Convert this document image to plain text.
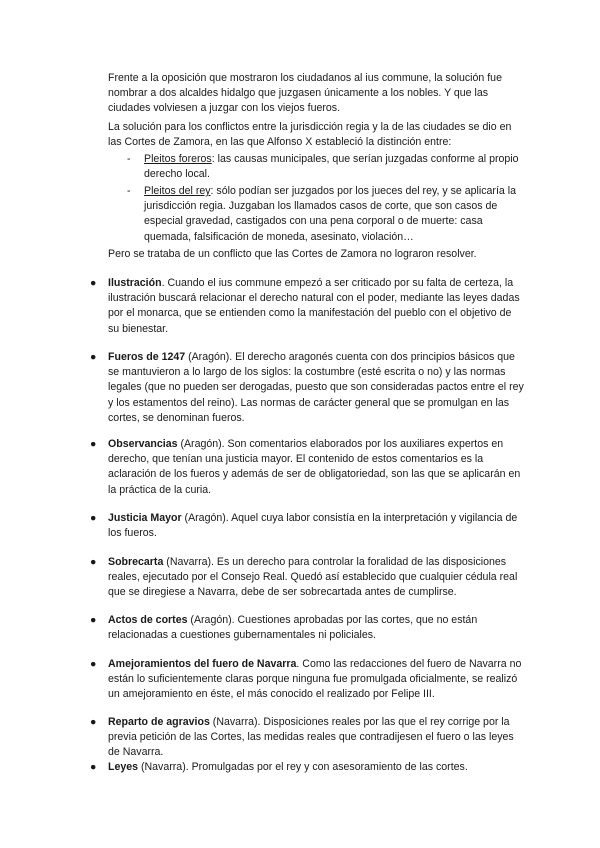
Frente a la oposición que mostraron los ciudadanos al ius commune, la solución fue nombrar a dos alcaldes hidalgo que juzgasen únicamente a los nobles. Y que las ciudades volviesen a juzgar con los viejos fueros.
La solución para los conflictos entre la jurisdicción regia y la de las ciudades se dio en las Cortes de Zamora, en las que Alfonso X estableció la distinción entre:
- Pleitos foreros: las causas municipales, que serían juzgadas conforme al propio derecho local.
- Pleitos del rey: sólo podían ser juzgados por los jueces del rey, y se aplicaría la jurisdicción regia. Juzgaban los llamados casos de corte, que son casos de especial gravedad, castigados con una pena corporal o de muerte: casa quemada, falsificación de moneda, asesinato, violación…
Pero se trataba de un conflicto que las Cortes de Zamora no lograron resolver.
● Ilustración. Cuando el ius commune empezó a ser criticado por su falta de certeza, la ilustración buscará relacionar el derecho natural con el poder, mediante las leyes dadas por el monarca, que se entienden como la manifestación del pueblo con el objetivo de su bienestar.
● Fueros de 1247 (Aragón). El derecho aragonés cuenta con dos principios básicos que se mantuvieron a lo largo de los siglos: la costumbre (esté escrita o no) y las normas legales (que no pueden ser derogadas, puesto que son consideradas pactos entre el rey y los estamentos del reino). Las normas de carácter general que se promulgan en las cortes, se denominan fueros.
● Observancias (Aragón). Son comentarios elaborados por los auxiliares expertos en derecho, que tenían una justicia mayor. El contenido de estos comentarios es la aclaración de los fueros y además de ser de obligatoriedad, son las que se aplicarán en la práctica de la curia.
● Justicia Mayor (Aragón). Aquel cuya labor consistía en la interpretación y vigilancia de los fueros.
● Sobrecarta (Navarra). Es un derecho para controlar la foralidad de las disposiciones reales, ejecutado por el Consejo Real. Quedó así establecido que cualquier cédula real que se diregiese a Navarra, debe de ser sobrecartada antes de cumplirse.
● Actos de cortes (Aragón). Cuestiones aprobadas por las cortes, que no están relacionadas a cuestiones gubernamentales ni policiales.
● Amejoramientos del fuero de Navarra. Como las redacciones del fuero de Navarra no están lo suficientemente claras porque ninguna fue promulgada oficialmente, se realizó un amejoramiento en éste, el más conocido el realizado por Felipe III.
● Reparto de agravios (Navarra). Disposiciones reales por las que el rey corrige por la previa petición de las Cortes, las medidas reales que contradijesen el fuero o las leyes de Navarra.
● Leyes (Navarra). Promulgadas por el rey y con asesoramiento de las cortes.
